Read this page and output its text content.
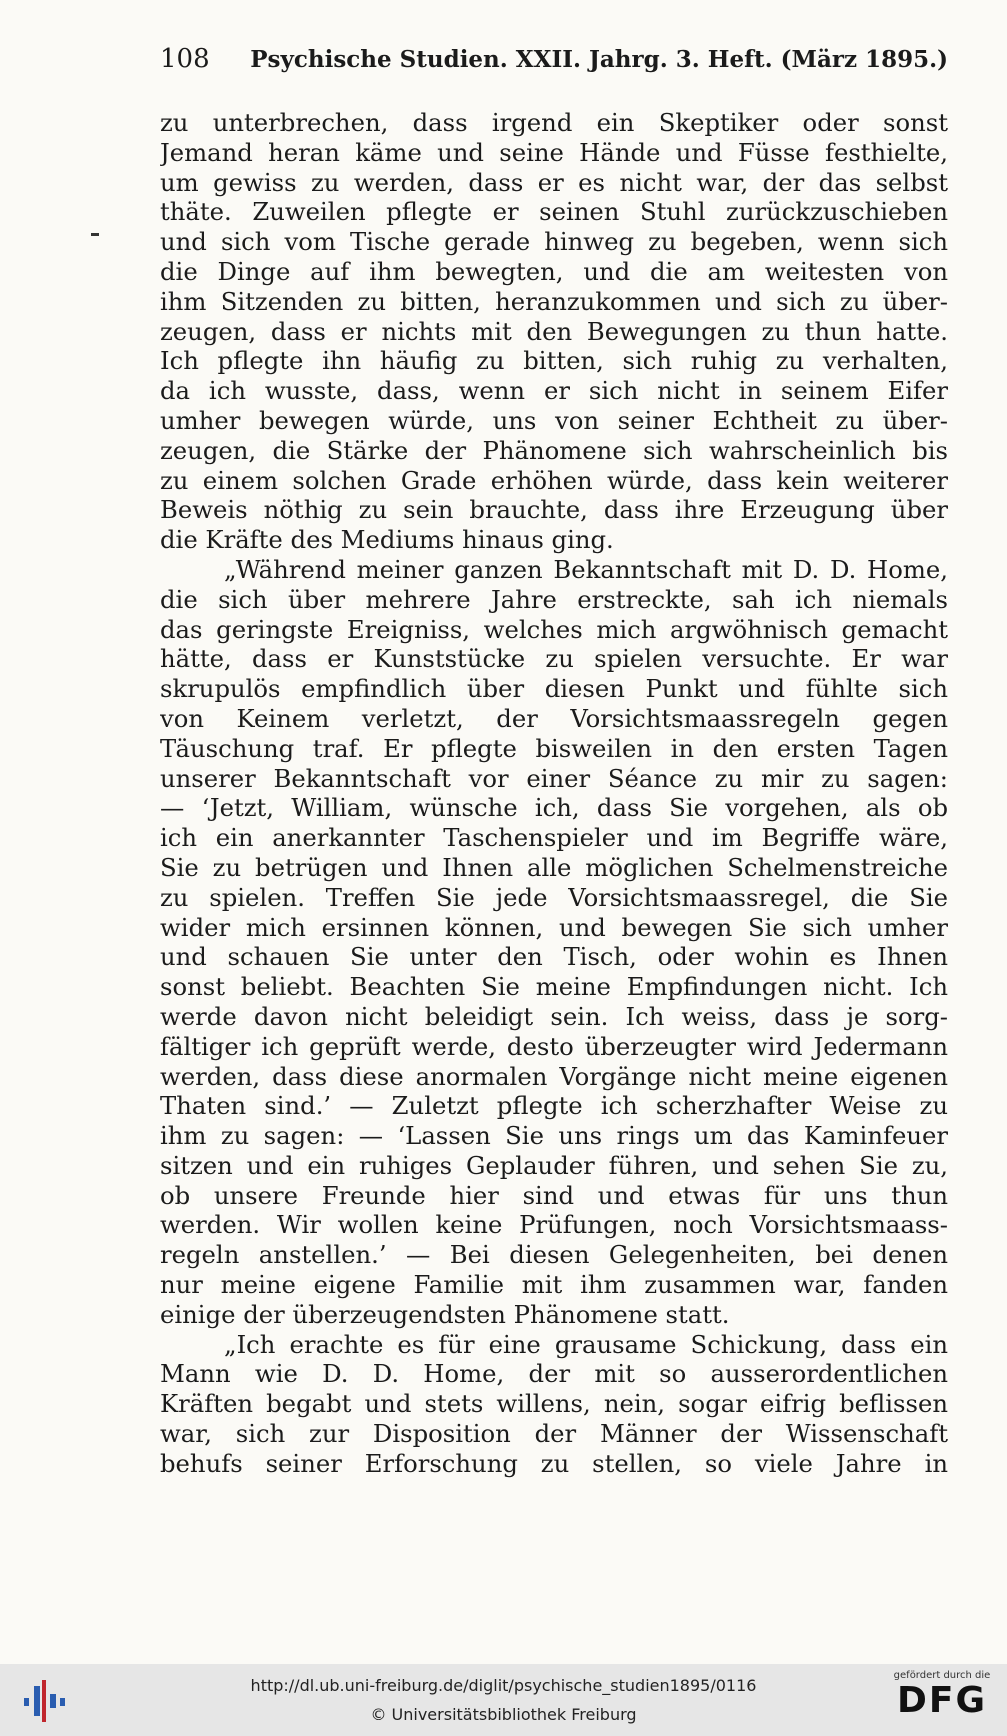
108 Psychische Studien. XXII. Jahrg. 3. Heft. (März 1895.)
zu unterbrechen, dass irgend ein Skeptiker oder sonst
Jemand heran käme und seine Hände und Füsse festhielte,
um gewiss zu werden, dass er es nicht war, der das selbst
thäte. Zuweilen pflegte er seinen Stuhl zurückzuschieben
und sich vom Tische gerade hinweg zu begeben, wenn sich
die Dinge auf ihm bewegten, und die am weitesten von
ihm Sitzenden zu bitten, heranzukommen und sich zu über-
zeugen, dass er nichts mit den Bewegungen zu thun hatte.
Ich pflegte ihn häufig zu bitten, sich ruhig zu verhalten,
da ich wusste, dass, wenn er sich nicht in seinem Eifer
umher bewegen würde, uns von seiner Echtheit zu über-
zeugen, die Stärke der Phänomene sich wahrscheinlich bis
zu einem solchen Grade erhöhen würde, dass kein weiterer
Beweis nöthig zu sein brauchte, dass ihre Erzeugung über
die Kräfte des Mediums hinaus ging.
„Während meiner ganzen Bekanntschaft mit D. D. Home,
die sich über mehrere Jahre erstreckte, sah ich niemals
das geringste Ereigniss, welches mich argwöhnisch gemacht
hätte, dass er Kunststücke zu spielen versuchte. Er war
skrupulös empfindlich über diesen Punkt und fühlte sich
von Keinem verletzt, der Vorsichtsmaassregeln gegen
Täuschung traf. Er pflegte bisweilen in den ersten Tagen
unserer Bekanntschaft vor einer Séance zu mir zu sagen:
— ‘Jetzt, William, wünsche ich, dass Sie vorgehen, als ob
ich ein anerkannter Taschenspieler und im Begriffe wäre,
Sie zu betrügen und Ihnen alle möglichen Schelmenstreiche
zu spielen. Treffen Sie jede Vorsichtsmaassregel, die Sie
wider mich ersinnen können, und bewegen Sie sich umher
und schauen Sie unter den Tisch, oder wohin es Ihnen
sonst beliebt. Beachten Sie meine Empfindungen nicht. Ich
werde davon nicht beleidigt sein. Ich weiss, dass je sorg-
fältiger ich geprüft werde, desto überzeugter wird Jedermann
werden, dass diese anormalen Vorgänge nicht meine eigenen
Thaten sind.’ — Zuletzt pflegte ich scherzhafter Weise zu
ihm zu sagen: — ‘Lassen Sie uns rings um das Kaminfeuer
sitzen und ein ruhiges Geplauder führen, und sehen Sie zu,
ob unsere Freunde hier sind und etwas für uns thun
werden. Wir wollen keine Prüfungen, noch Vorsichtsmaass-
regeln anstellen.’ — Bei diesen Gelegenheiten, bei denen
nur meine eigene Familie mit ihm zusammen war, fanden
einige der überzeugendsten Phänomene statt.
„Ich erachte es für eine grausame Schickung, dass ein
Mann wie D. D. Home, der mit so ausserordentlichen
Kräften begabt und stets willens, nein, sogar eifrig beflissen
war, sich zur Disposition der Männer der Wissenschaft
behufs seiner Erforschung zu stellen, so viele Jahre in
http://dl.ub.uni-freiburg.de/diglit/psychische_studien1895/0116
© Universitätsbibliothek Freiburg
gefördert durch die
DFG
